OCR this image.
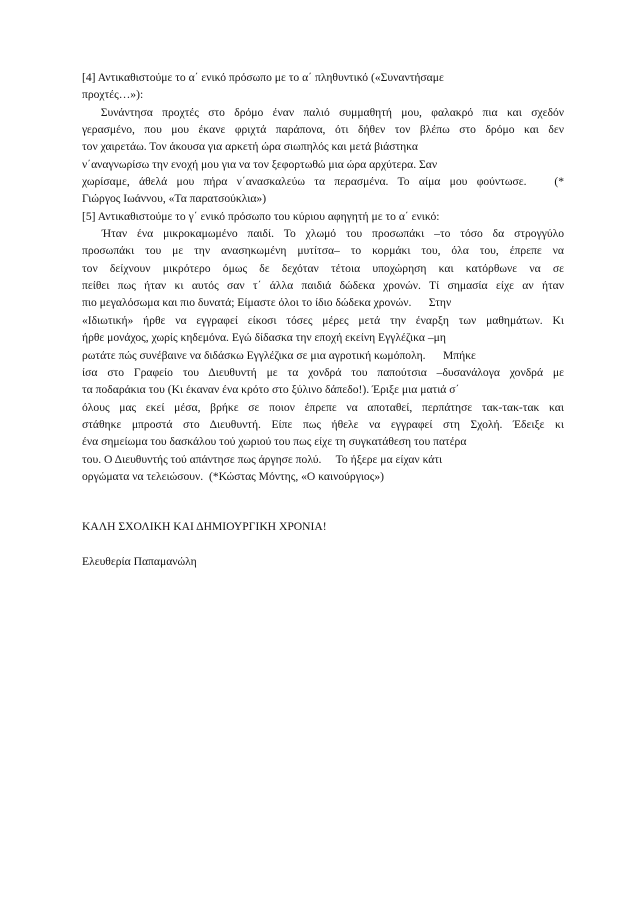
[4] Αντικαθιστούμε το α΄ ενικό πρόσωπο με το α΄ πληθυντικό («Συναντήσαμε
προχτές…»):
Συνάντησα προχτές στο δρόμο έναν παλιό συμμαθητή μου, φαλακρό πια και σχεδόν
γερασμένο, που μου έκανε φριχτά παράπονα, ότι δήθεν τον βλέπω στο δρόμο και δεν
τον χαιρετάω. Τον άκουσα για αρκετή ώρα σιωπηλός και μετά βιάστηκα
ν΄αναγνωρίσω την ενοχή μου για να τον ξεφορτωθώ μια ώρα αρχύτερα. Σαν
χωρίσαμε, άθελά μου πήρα ν΄ανασκαλεύω τα περασμένα. Το αίμα μου φούντωσε.   (*
Γιώργος Ιωάννου, «Τα παρατσούκλια»)
[5] Αντικαθιστούμε το γ΄ ενικό πρόσωπο του κύριου αφηγητή με το α΄ ενικό:
Ήταν ένα μικροκαμωμένο παιδί. Το χλωμό του προσωπάκι –το τόσο δα στρογγύλο
προσωπάκι του με την ανασηκωμένη μυτίτσα– το κορμάκι του, όλα του, έπρεπε να
τον δείχνουν μικρότερο όμως δε δεχόταν τέτοια υποχώρηση και κατόρθωνε να σε
πείθει πως ήταν κι αυτός σαν τ΄ άλλα παιδιά δώδεκα χρονών. Τί σημασία είχε αν ήταν
πιο μεγαλόσωμα και πιο δυνατά; Είμαστε όλοι το ίδιο δώδεκα χρονών.      Στην
«Ιδιωτική» ήρθε να εγγραφεί είκοσι τόσες μέρες μετά την έναρξη των μαθημάτων. Κι
ήρθε μονάχος, χωρίς κηδεμόνα. Εγώ δίδασκα την εποχή εκείνη Εγγλέζικα –μη
ρωτάτε πώς συνέβαινε να διδάσκω Εγγλέζικα σε μια αγροτική κωμόπολη.      Μπήκε
ίσα στο Γραφείο του Διευθυντή με τα χονδρά του παπούτσια –δυσανάλογα χονδρά με
τα ποδαράκια του (Κι έκαναν ένα κρότο στο ξύλινο δάπεδο!). Έριξε μια ματιά σ΄
όλους μας εκεί μέσα, βρήκε σε ποιον έπρεπε να αποταθεί, περπάτησε τακ-τακ-τακ και
στάθηκε μπροστά στο Διευθυντή. Είπε πως ήθελε να εγγραφεί στη Σχολή. Έδειξε κι
ένα σημείωμα του δασκάλου τού χωριού του πως είχε τη συγκατάθεση του πατέρα
του. Ο Διευθυντής τού απάντησε πως άργησε πολύ.     Το ήξερε μα είχαν κάτι
οργώματα να τελειώσουν.  (*Κώστας Μόντης, «Ο καινούργιος»)
ΚΑΛΗ ΣΧΟΛΙΚΗ ΚΑΙ ΔΗΜΙΟΥΡΓΙΚΗ ΧΡΟΝΙΑ!
Ελευθερία Παπαμανώλη
